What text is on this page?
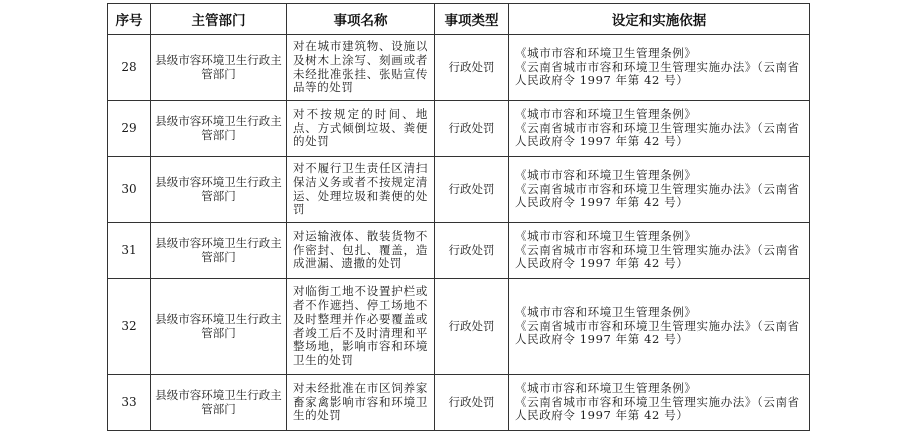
序号	主管部门	事项名称	事项类型	设定和实施依据
28	县级市容环境卫生行政主管部门	对在城市建筑物、设施以及树木上涂写、刻画或者未经批准张挂、张贴宣传品等的处罚	行政处罚	《城市市容和环境卫生管理条例》
《云南省城市市容和环境卫生管理实施办法》（云南省人民政府令 1997 年第 42 号）

29	县级市容环境卫生行政主管部门	对不按规定的时间、地点、方式倾倒垃圾、粪便的处罚	行政处罚	《城市市容和环境卫生管理条例》
《云南省城市市容和环境卫生管理实施办法》（云南省人民政府令 1997 年第 42 号）

30	县级市容环境卫生行政主管部门	对不履行卫生责任区清扫保洁义务或者不按规定清运、处理垃圾和粪便的处罚	行政处罚	《城市市容和环境卫生管理条例》
《云南省城市市容和环境卫生管理实施办法》（云南省人民政府令 1997 年第 42 号）

31	县级市容环境卫生行政主管部门	对运输液体、散装货物不作密封、包扎、覆盖，造成泄漏、遗撒的处罚	行政处罚	《城市市容和环境卫生管理条例》
《云南省城市市容和环境卫生管理实施办法》（云南省人民政府令 1997 年第 42 号）

32	县级市容环境卫生行政主管部门	对临街工地不设置护栏或者不作遮挡、停工场地不及时整理并作必要覆盖或者竣工后不及时清理和平整场地，影响市容和环境卫生的处罚	行政处罚	《城市市容和环境卫生管理条例》
《云南省城市市容和环境卫生管理实施办法》（云南省人民政府令 1997 年第 42 号）

33	县级市容环境卫生行政主管部门	对未经批准在市区饲养家畜家禽影响市容和环境卫生的处罚	行政处罚	《城市市容和环境卫生管理条例》
《云南省城市市容和环境卫生管理实施办法》（云南省人民政府令 1997 年第 42 号）
